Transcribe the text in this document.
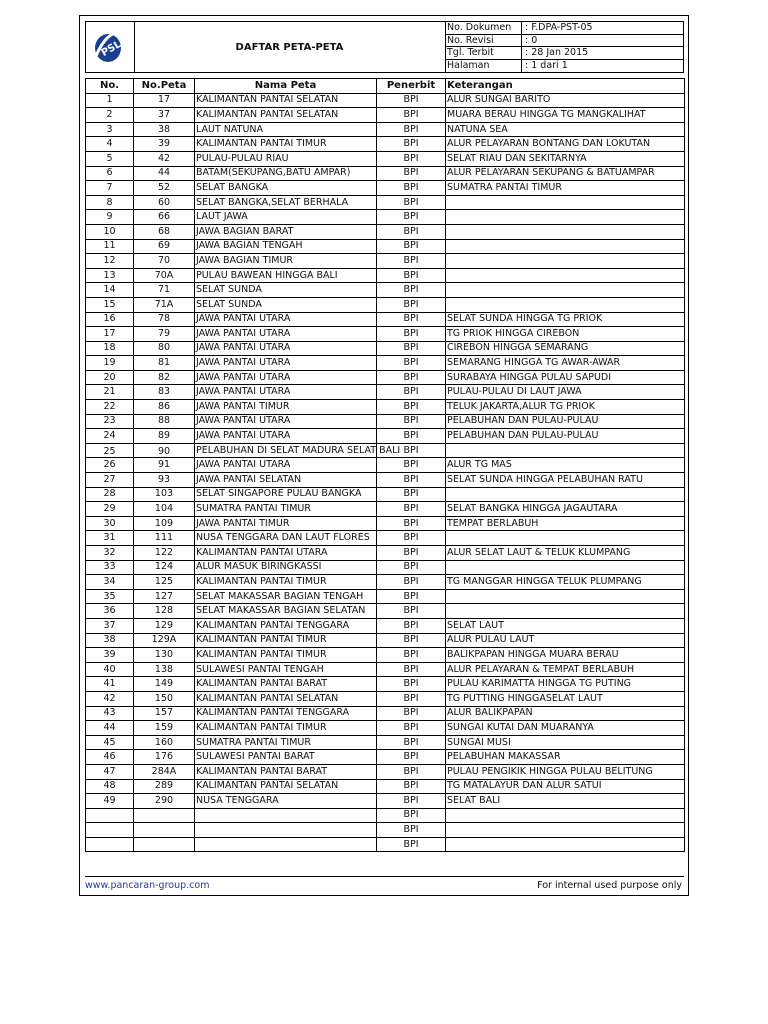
PSL	DAFTAR PETA-PETA
No. Dokumen	: F.DPA-PST-05
No. Revisi	: 0
Tgl. Terbit	: 28 Jan 2015
Halaman	: 1 dari 1
No.	No.Peta	Nama Peta	Penerbit	Keterangan
1	17	KALIMANTAN PANTAI SELATAN	BPI	ALUR SUNGAI BARITO
2	37	KALIMANTAN PANTAI SELATAN	BPI	MUARA BERAU HINGGA TG MANGKALIHAT
3	38	LAUT NATUNA	BPI	NATUNA SEA
4	39	KALIMANTAN PANTAI TIMUR	BPI	ALUR PELAYARAN BONTANG DAN LOKUTAN
5	42	PULAU-PULAU RIAU	BPI	SELAT RIAU DAN SEKITARNYA
6	44	BATAM(SEKUPANG,BATU AMPAR)	BPI	ALUR PELAYARAN SEKUPANG & BATUAMPAR
7	52	SELAT BANGKA	BPI	SUMATRA PANTAI TIMUR
8	60	SELAT BANGKA,SELAT BERHALA	BPI	
9	66	LAUT JAWA	BPI	
10	68	JAWA BAGIAN BARAT	BPI	
11	69	JAWA BAGIAN TENGAH	BPI	
12	70	JAWA BAGIAN TIMUR	BPI	
13	70A	PULAU BAWEAN HINGGA BALI	BPI	
14	71	SELAT SUNDA	BPI	
15	71A	SELAT SUNDA	BPI	
16	78	JAWA PANTAI UTARA	BPI	SELAT SUNDA HINGGA TG PRIOK
17	79	JAWA PANTAI UTARA	BPI	TG PRIOK HINGGA CIREBON
18	80	JAWA PANTAI UTARA	BPI	CIREBON HINGGA SEMARANG
19	81	JAWA PANTAI UTARA	BPI	SEMARANG HINGGA TG AWAR-AWAR
20	82	JAWA PANTAI UTARA	BPI	SURABAYA HINGGA PULAU SAPUDI
21	83	JAWA PANTAI UTARA	BPI	PULAU-PULAU DI LAUT JAWA
22	86	JAWA PANTAI TIMUR	BPI	TELUK JAKARTA,ALUR TG PRIOK
23	88	JAWA PANTAI UTARA	BPI	PELABUHAN DAN PULAU-PULAU
24	89	JAWA PANTAI UTARA	BPI	PELABUHAN DAN PULAU-PULAU
25	90	PELABUHAN DI SELAT MADURA SELAT BALI	BPI	
26	91	JAWA PANTAI UTARA	BPI	ALUR TG MAS
27	93	JAWA PANTAI SELATAN	BPI	SELAT SUNDA HINGGA PELABUHAN RATU
28	103	SELAT SINGAPORE PULAU BANGKA	BPI	
29	104	SUMATRA PANTAI TIMUR	BPI	SELAT BANGKA HINGGA JAGAUTARA
30	109	JAWA PANTAI TIMUR	BPI	TEMPAT BERLABUH
31	111	NUSA TENGGARA DAN LAUT FLORES	BPI	
32	122	KALIMANTAN PANTAI UTARA	BPI	ALUR SELAT LAUT & TELUK KLUMPANG
33	124	ALUR MASUK BIRINGKASSI	BPI	
34	125	KALIMANTAN PANTAI TIMUR	BPI	TG MANGGAR HINGGA TELUK PLUMPANG
35	127	SELAT MAKASSAR BAGIAN TENGAH	BPI	
36	128	SELAT MAKASSAR BAGIAN SELATAN	BPI	
37	129	KALIMANTAN PANTAI TENGGARA	BPI	SELAT LAUT
38	129A	KALIMANTAN PANTAI TIMUR	BPI	ALUR PULAU LAUT
39	130	KALIMANTAN PANTAI TIMUR	BPI	BALIKPAPAN HINGGA MUARA BERAU
40	138	SULAWESI PANTAI TENGAH	BPI	ALUR PELAYARAN & TEMPAT BERLABUH
41	149	KALIMANTAN PANTAI BARAT	BPI	PULAU KARIMATTA HINGGA TG PUTING
42	150	KALIMANTAN PANTAI SELATAN	BPI	TG PUTTING HINGGASELAT LAUT
43	157	KALIMANTAN PANTAI TENGGARA	BPI	ALUR BALIKPAPAN
44	159	KALIMANTAN PANTAI TIMUR	BPI	SUNGAI KUTAI DAN MUARANYA
45	160	SUMATRA PANTAI TIMUR	BPI	SUNGAI MUSI
46	176	SULAWESI PANTAI BARAT	BPI	PELABUHAN MAKASSAR
47	284A	KALIMANTAN PANTAI BARAT	BPI	PULAU PENGIKIK HINGGA PULAU BELITUNG
48	289	KALIMANTAN PANTAI SELATAN	BPI	TG MATALAYUR DAN ALUR SATUI
49	290	NUSA TENGGARA	BPI	SELAT BALI
			BPI	
			BPI	
			BPI	
www.pancaran-group.com	For internal used purpose only
